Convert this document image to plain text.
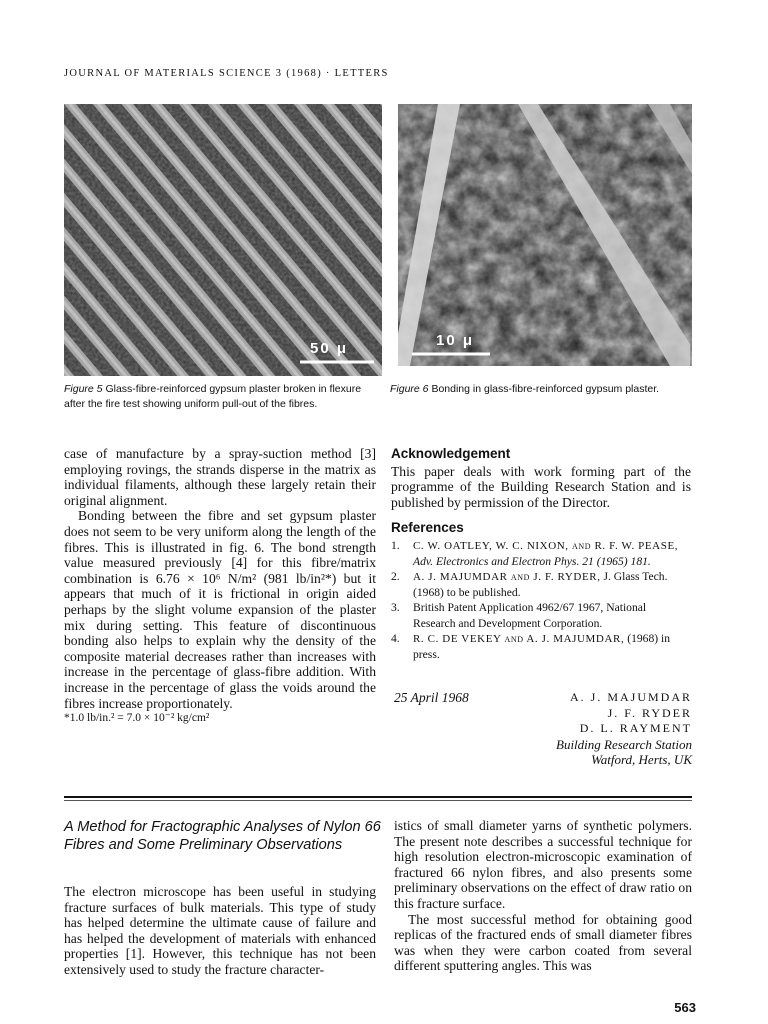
JOURNAL OF MATERIALS SCIENCE 3 (1968) · LETTERS
50 μ	10 μ
Figure 5 Glass-fibre-reinforced gypsum plaster broken in flexure after the fire test showing uniform pull-out of the fibres.
Figure 6 Bonding in glass-fibre-reinforced gypsum plaster.

case of manufacture by a spray-suction method [3] employing rovings, the strands disperse in the matrix as individual filaments, although these largely retain their original alignment.

Bonding between the fibre and set gypsum plaster does not seem to be very uniform along the length of the fibres. This is illustrated in fig. 6. The bond strength value measured previously [4] for this fibre/matrix combination is 6.76 × 10⁶ N/m² (981 lb/in²*) but it appears that much of it is frictional in origin aided perhaps by the slight volume expansion of the plaster mix during setting. This feature of discontinuous bonding also helps to explain why the density of the composite material decreases rather than increases with increase in the percentage of glass-fibre addition. With increase in the percentage of glass the voids around the fibres increase proportionately.

*1.0 lb/in.² = 7.0 × 10⁻² kg/cm²

Acknowledgement

This paper deals with work forming part of the programme of the Building Research Station and is published by permission of the Director.

References

1. C. W. OATLEY, W. C. NIXON, and R. F. W. PEASE, Adv. Electronics and Electron Phys. 21 (1965) 181.
2. A. J. MAJUMDAR and J. F. RYDER, J. Glass Tech. (1968) to be published.
3. British Patent Application 4962/67 1967, National Research and Development Corporation.
4. R. C. DE VEKEY and A. J. MAJUMDAR, (1968) in press.
25 April 1968	A. J. MAJUMDAR
J. F. RYDER
D. L. RAYMENT
Building Research Station
Watford, Herts, UK
A Method for Fractographic Analyses of Nylon 66 Fibres and Some Preliminary Observations

The electron microscope has been useful in studying fracture surfaces of bulk materials. This type of study has helped determine the ultimate cause of failure and has helped the development of materials with enhanced properties [1]. However, this technique has not been extensively used to study the fracture character-

istics of small diameter yarns of synthetic polymers. The present note describes a successful technique for high resolution electron-microscopic examination of fractured 66 nylon fibres, and also presents some preliminary observations on the effect of draw ratio on this fracture surface.

The most successful method for obtaining good replicas of the fractured ends of small diameter fibres was when they were carbon coated from several different sputtering angles. This was

563
